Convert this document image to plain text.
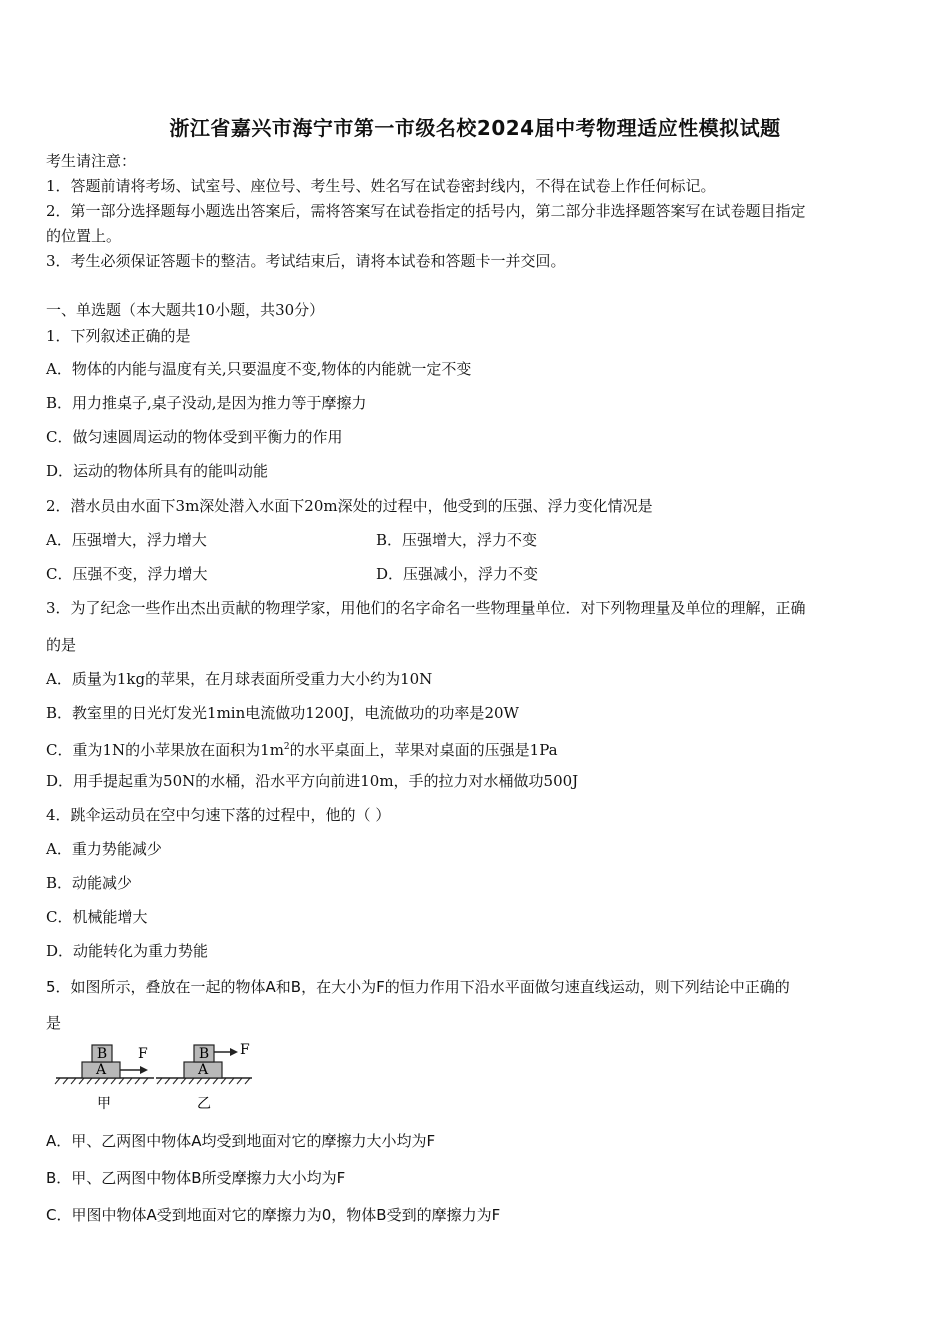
浙江省嘉兴市海宁市第一市级名校2024届中考物理适应性模拟试题
考生请注意：
1．答题前请将考场、试室号、座位号、考生号、姓名写在试卷密封线内，不得在试卷上作任何标记。
2．第一部分选择题每小题选出答案后，需将答案写在试卷指定的括号内，第二部分非选择题答案写在试卷题目指定
的位置上。
3．考生必须保证答题卡的整洁。考试结束后，请将本试卷和答题卡一并交回。
一、单选题（本大题共10小题，共30分）
1．下列叙述正确的是
A．物体的内能与温度有关,只要温度不变,物体的内能就一定不变
B．用力推桌子,桌子没动,是因为推力等于摩擦力
C．做匀速圆周运动的物体受到平衡力的作用
D．运动的物体所具有的能叫动能
2．潜水员由水面下3m深处潜入水面下20m深处的过程中，他受到的压强、浮力变化情况是
A．压强增大，浮力增大	B．压强增大，浮力不变
C．压强不变，浮力增大	D．压强减小，浮力不变
3．为了纪念一些作出杰出贡献的物理学家，用他们的名字命名一些物理量单位．对下列物理量及单位的理解，正确
的是
A．质量为1kg的苹果，在月球表面所受重力大小约为10N
B．教室里的日光灯发光1min电流做功1200J，电流做功的功率是20W
C．重为1N的小苹果放在面积为$1m^2$的水平桌面上，苹果对桌面的压强是1Pa
D．用手提起重为50N的水桶，沿水平方向前进10m，手的拉力对水桶做功500J
4．跳伞运动员在空中匀速下落的过程中，他的（ ）
A．重力势能减少
B．动能减少
C．机械能增大
D．动能转化为重力势能
5．如图所示，叠放在一起的物体A和B，在大小为F的恒力作用下沿水平面做匀速直线运动，则下列结论中正确的
是
A
B F
甲
A
B F
乙
A．甲、乙两图中物体A均受到地面对它的摩擦力大小均为F
B．甲、乙两图中物体B所受摩擦力大小均为F
C．甲图中物体A受到地面对它的摩擦力为0，物体B受到的摩擦力为F
